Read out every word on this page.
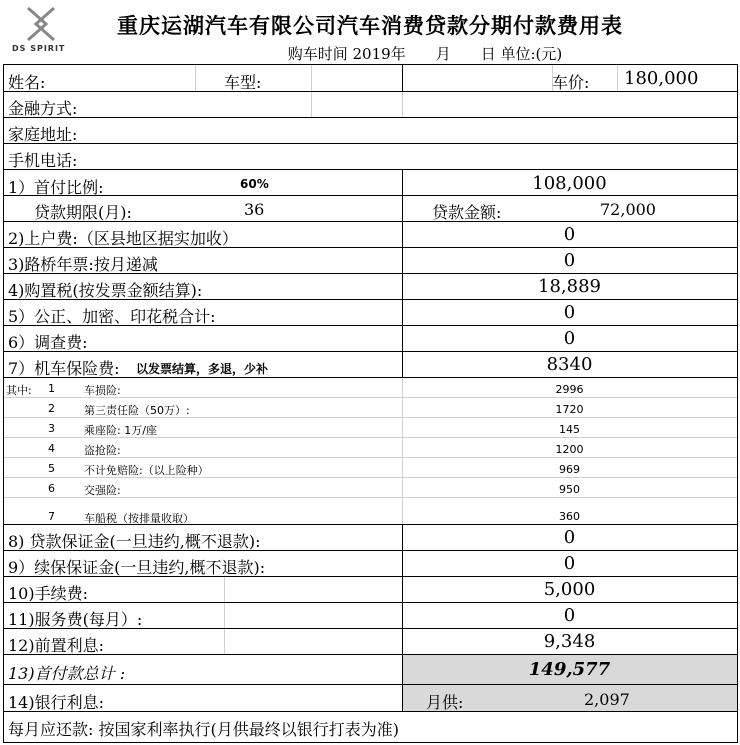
DS SPIRIT
重庆运湖汽车有限公司汽车消费贷款分期付款费用表
购车时间 2019年　　月　　日 单位:(元)
姓名:	车型:	车价: 180,000
金融方式:
家庭地址:
手机电话:
1）首付比例:	60%	108,000
贷款期限(月):	36	贷款金额:	72,000
2)上户费:（区县地区据实加收）	0
3)路桥年票:按月递减	0
4)购置税(按发票金额结算):	18,889
5）公正、加密、印花税合计:	0
6）调查费:	0
7）机车保险费: 以发票结算，多退，少补	8340
其中: 1	车损险:	2996
2	第三责任险（50万）:	1720
3	乘座险: 1万/座	145
4	盗抢险:	1200
5	不计免赔险:（以上险种）	969
6	交强险:	950
7	车船税（按排量收取）	360
8) 贷款保证金(一旦违约,概不退款):	0
9）续保保证金(一旦违约,概不退款):	0
10)手续费:	5,000
11)服务费(每月）:	0
12)前置利息:	9,348
13)首付款总计 :	149,577
14)银行利息:	月供:	2,097
每月应还款: 按国家利率执行(月供最终以银行打表为准)
